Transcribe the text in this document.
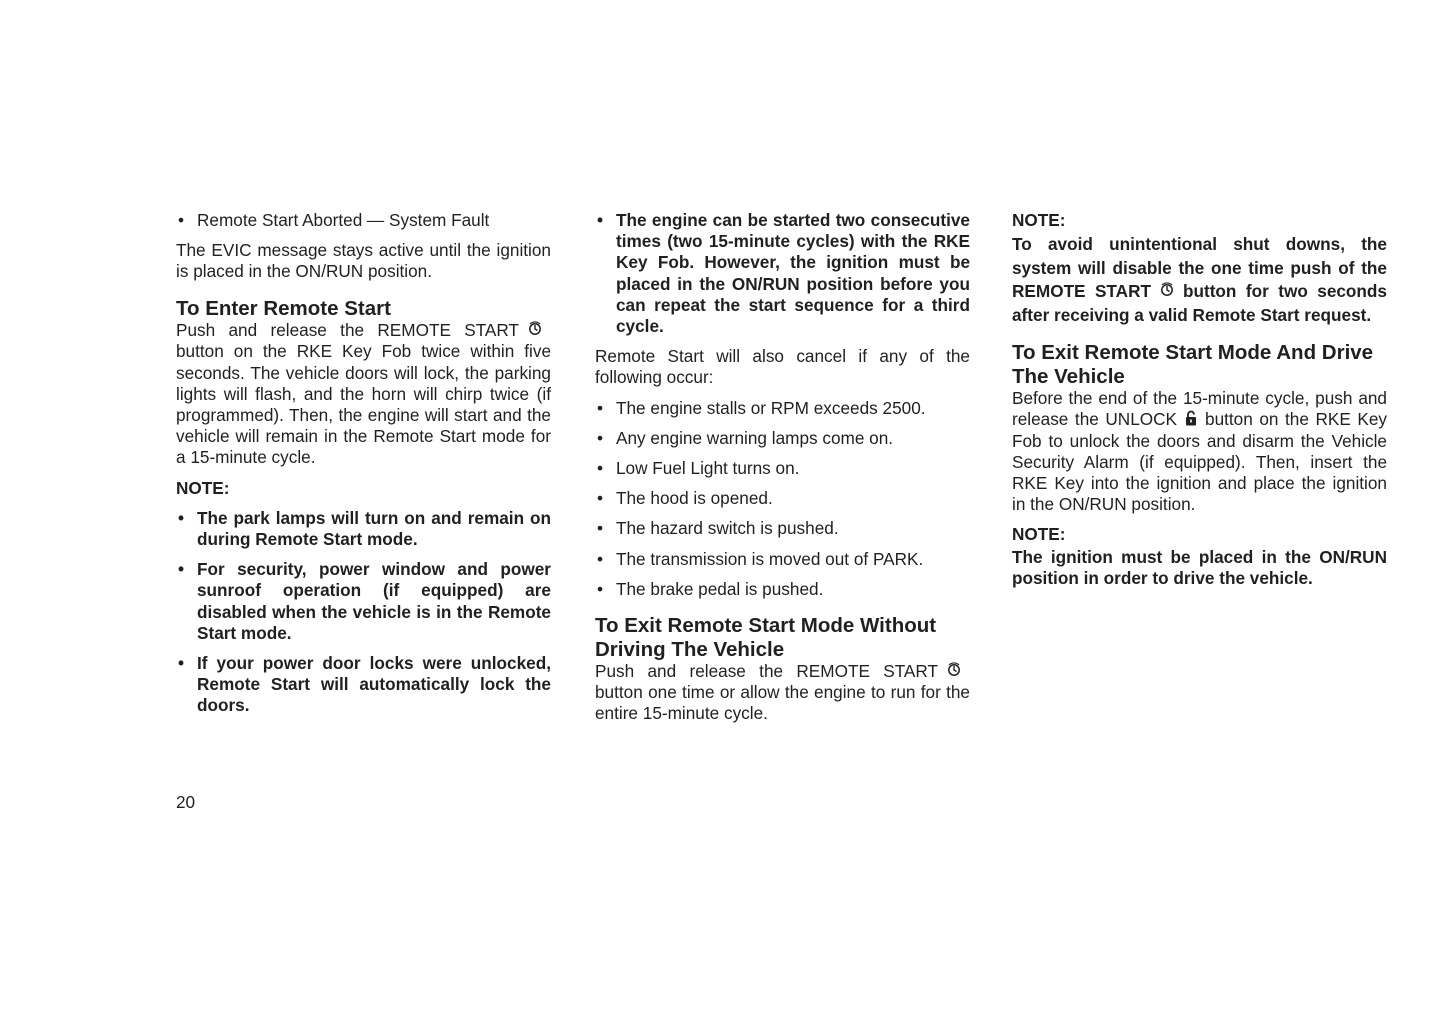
• Remote Start Aborted — System Fault

The EVIC message stays active until the ignition is placed in the ON/RUN position.

To Enter Remote Start

Push and release the REMOTE STARTbutton on the RKE Key Fob twice within five seconds. The vehicle doors will lock, the parking lights will flash, and the horn will chirp twice (if programmed). Then, the engine will start and the vehicle will remain in the Remote Start mode for a 15-minute cycle.

NOTE:
• The park lamps will turn on and remain on during Remote Start mode.
• For security, power window and power sunroof operation (if equipped) are disabled when the vehicle is in the Remote Start mode.
• If your power door locks were unlocked, Remote Start will automatically lock the doors.
• The engine can be started two consecutive times (two 15-minute cycles) with the RKE Key Fob. However, the ignition must be placed in the ON/RUN position before you can repeat the start sequence for a third cycle.

Remote Start will also cancel if any of the following occur:

• The engine stalls or RPM exceeds 2500.
• Any engine warning lamps come on.
• Low Fuel Light turns on.
• The hood is opened.
• The hazard switch is pushed.
• The transmission is moved out of PARK.
• The brake pedal is pushed.
To Exit Remote Start Mode Without Driving The Vehicle

Push and release the REMOTE STARTbutton one time or allow the engine to run for the entire 15-minute cycle.

NOTE:

To avoid unintentional shut downs, the system will disable the one time push of the REMOTE START button for two seconds after receiving a valid Remote Start request.

To Exit Remote Start Mode And Drive The Vehicle

Before the end of the 15-minute cycle, push and release the UNLOCK button on the RKE Key Fob to unlock the doors and disarm the Vehicle Security Alarm (if equipped). Then, insert the RKE Key into the ignition and place the ignition in the ON/RUN position.

NOTE:

The ignition must be placed in the ON/RUN position in order to drive the vehicle.

20
